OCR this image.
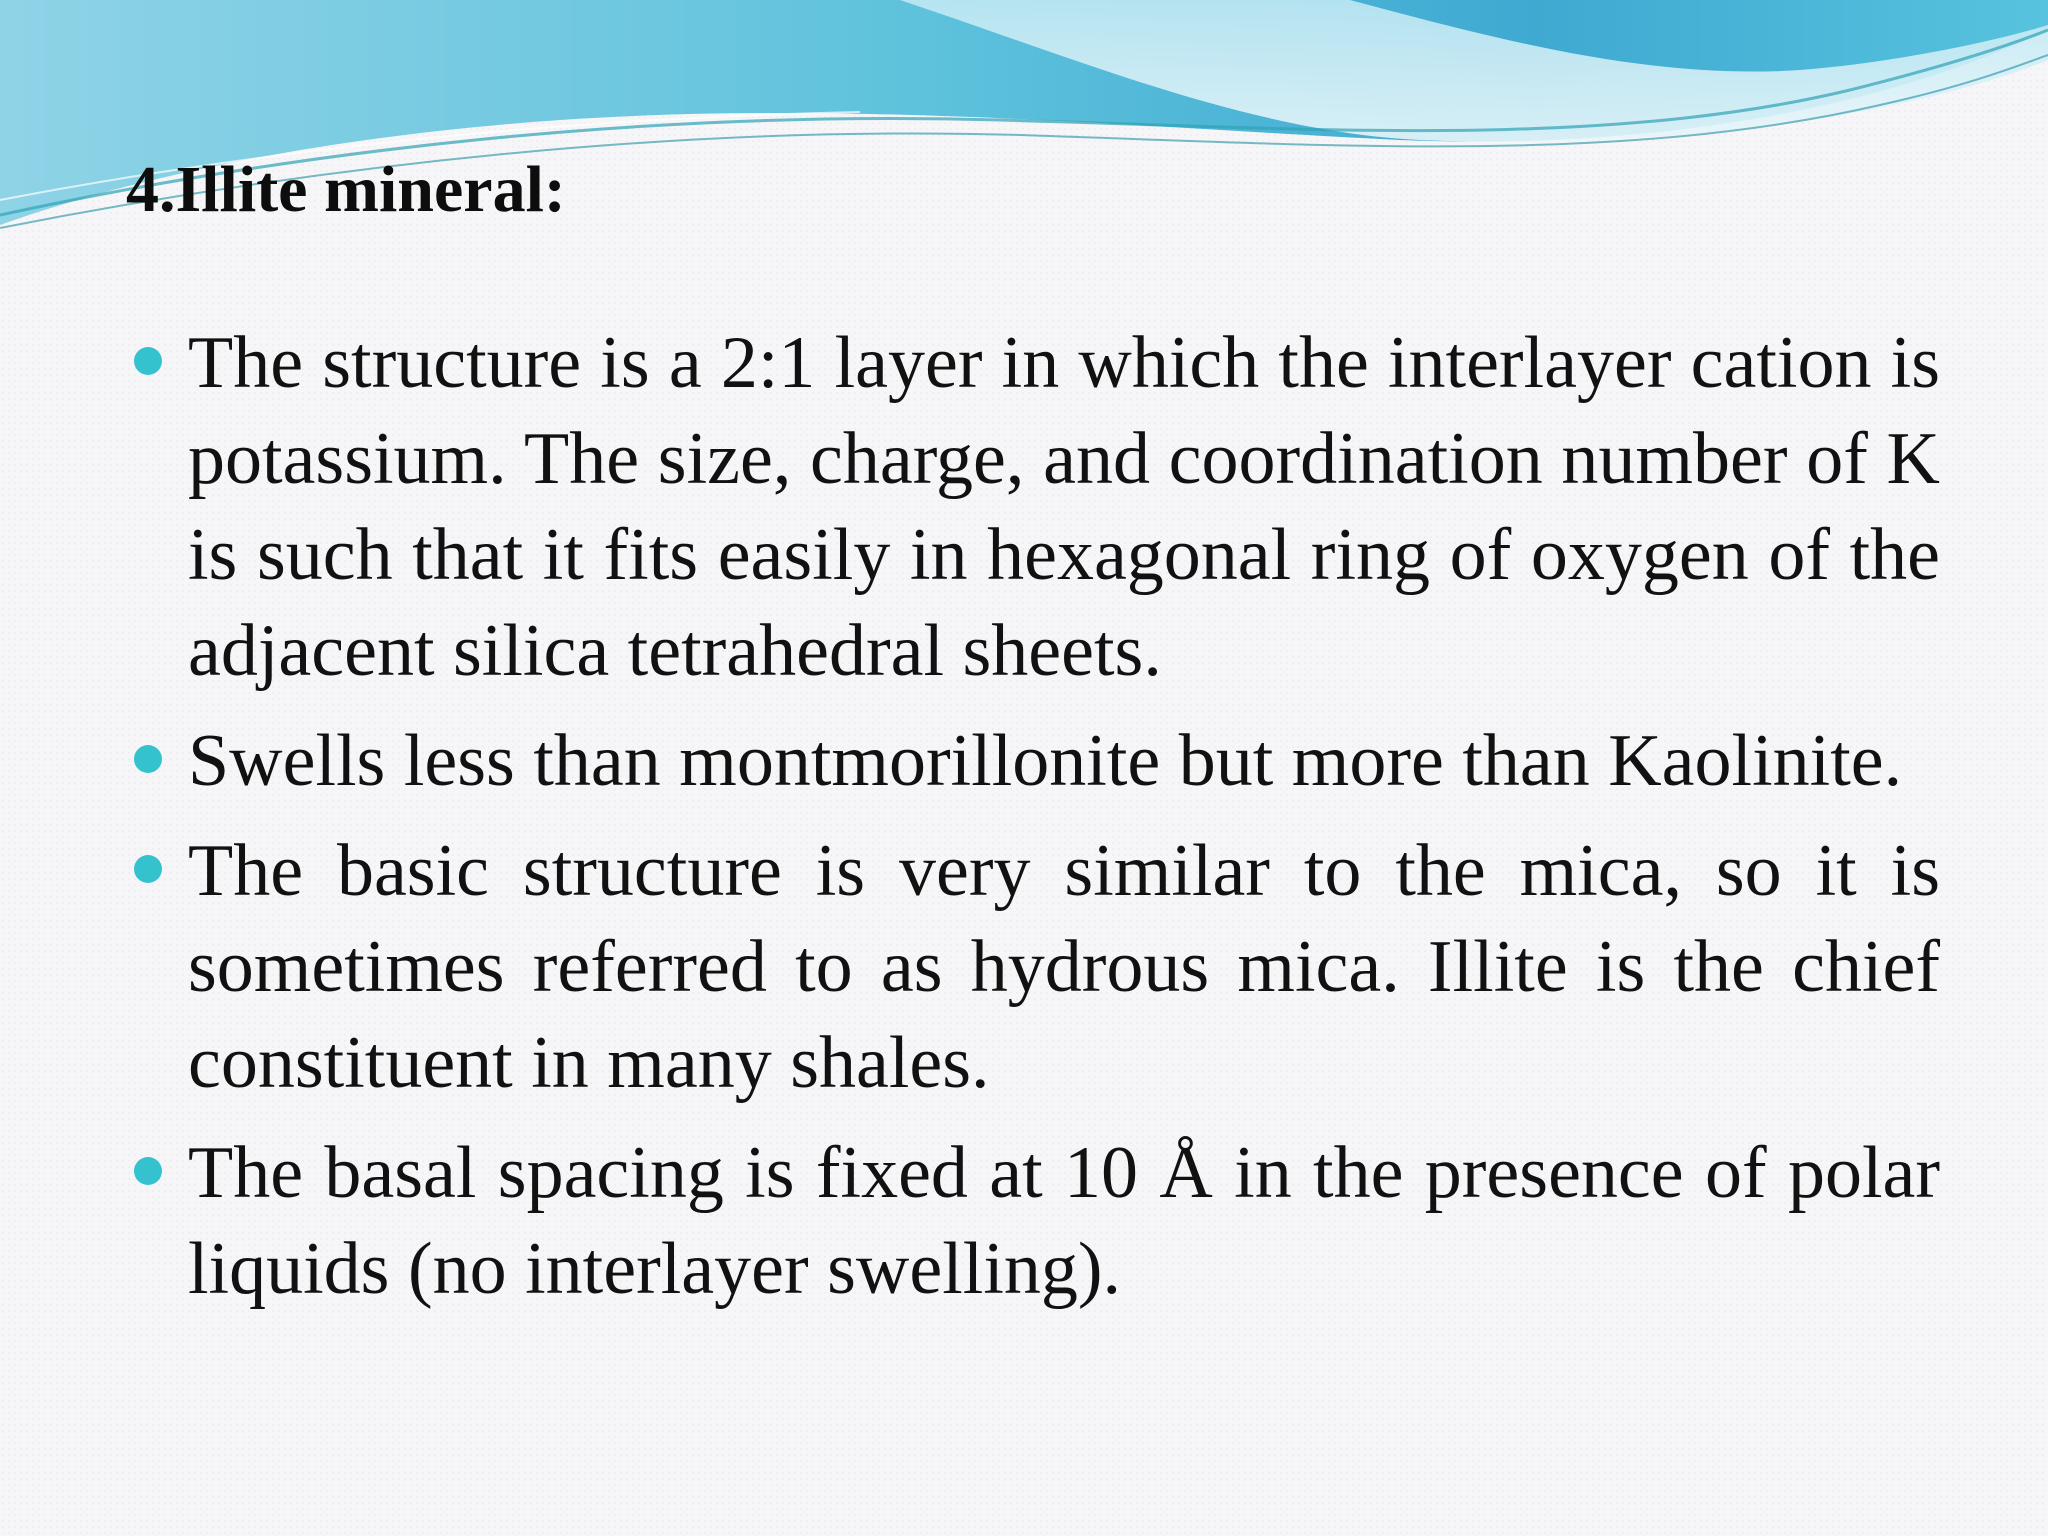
4.Illite mineral:
The structure is a 2:1 layer in which the interlayer cation is potassium. The size, charge, and coordination number of K is such that it fits easily in hexagonal ring of oxygen of the adjacent silica tetrahedral sheets.
Swells less than montmorillonite but more than Kaolinite.
The basic structure is very similar to the mica, so it is sometimes referred to as hydrous mica. Illite is the chief constituent in many shales.
The basal spacing is fixed at 10 Å in the presence of polar liquids (no interlayer swelling).
